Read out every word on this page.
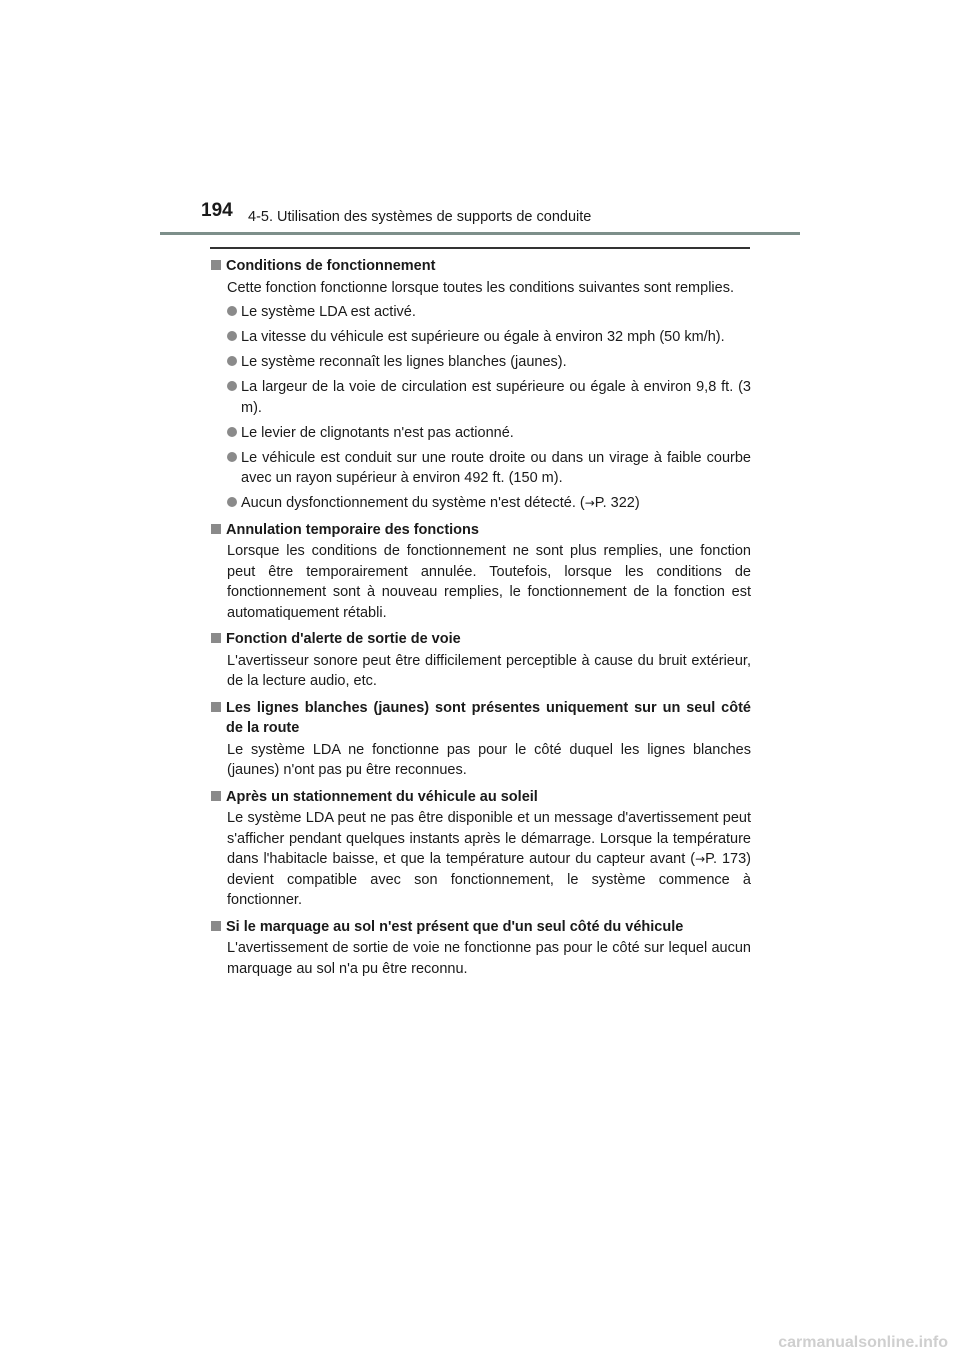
194 4-5. Utilisation des systèmes de supports de conduite
Conditions de fonctionnement
Cette fonction fonctionne lorsque toutes les conditions suivantes sont remplies.
Le système LDA est activé.
La vitesse du véhicule est supérieure ou égale à environ 32 mph (50 km/h).
Le système reconnaît les lignes blanches (jaunes).
La largeur de la voie de circulation est supérieure ou égale à environ 9,8 ft. (3 m).
Le levier de clignotants n'est pas actionné.
Le véhicule est conduit sur une route droite ou dans un virage à faible courbe avec un rayon supérieur à environ 492 ft. (150 m).
Aucun dysfonctionnement du système n'est détecté. (→P. 322)
Annulation temporaire des fonctions
Lorsque les conditions de fonctionnement ne sont plus remplies, une fonction peut être temporairement annulée. Toutefois, lorsque les conditions de fonctionnement sont à nouveau remplies, le fonctionnement de la fonction est automatiquement rétabli.
Fonction d'alerte de sortie de voie
L'avertisseur sonore peut être difficilement perceptible à cause du bruit extérieur, de la lecture audio, etc.
Les lignes blanches (jaunes) sont présentes uniquement sur un seul côté de la route
Le système LDA ne fonctionne pas pour le côté duquel les lignes blanches (jaunes) n'ont pas pu être reconnues.
Après un stationnement du véhicule au soleil
Le système LDA peut ne pas être disponible et un message d'avertissement peut s'afficher pendant quelques instants après le démarrage. Lorsque la température dans l'habitacle baisse, et que la température autour du capteur avant (→P. 173) devient compatible avec son fonctionnement, le système commence à fonctionner.
Si le marquage au sol n'est présent que d'un seul côté du véhicule
L'avertissement de sortie de voie ne fonctionne pas pour le côté sur lequel aucun marquage au sol n'a pu être reconnu.
carmanualsonline.info
